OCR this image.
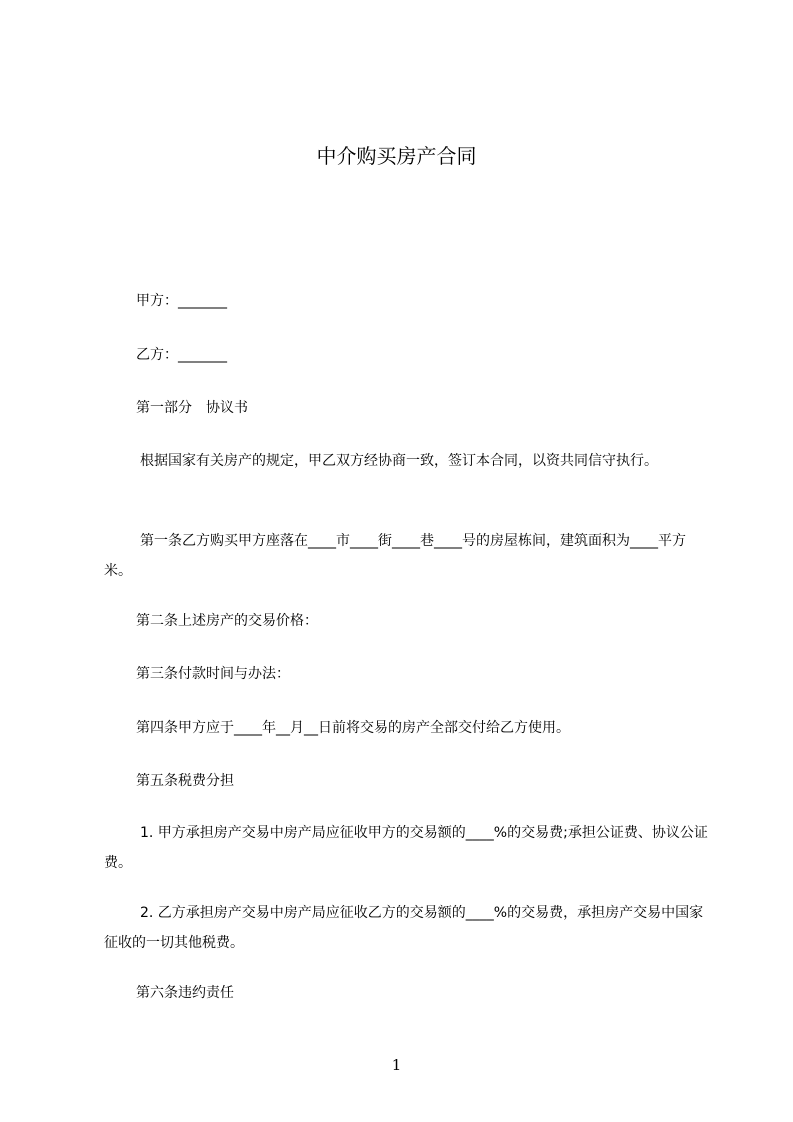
中介购买房产合同

甲方：_______

乙方：_______

第一部分　协议书

根据国家有关房产的规定，甲乙双方经协商一致，签订本合同，以资共同信守执行。

第一条乙方购买甲方座落在____市____街____巷____号的房屋栋间，建筑面积为____平方米。

第二条上述房产的交易价格：

第三条付款时间与办法：

第四条甲方应于____年__月__日前将交易的房产全部交付给乙方使用。

第五条税费分担

1. 甲方承担房产交易中房产局应征收甲方的交易额的____%的交易费;承担公证费、协议公证费。

2. 乙方承担房产交易中房产局应征收乙方的交易额的____%的交易费，承担房产交易中国家征收的一切其他税费。

第六条违约责任

1
